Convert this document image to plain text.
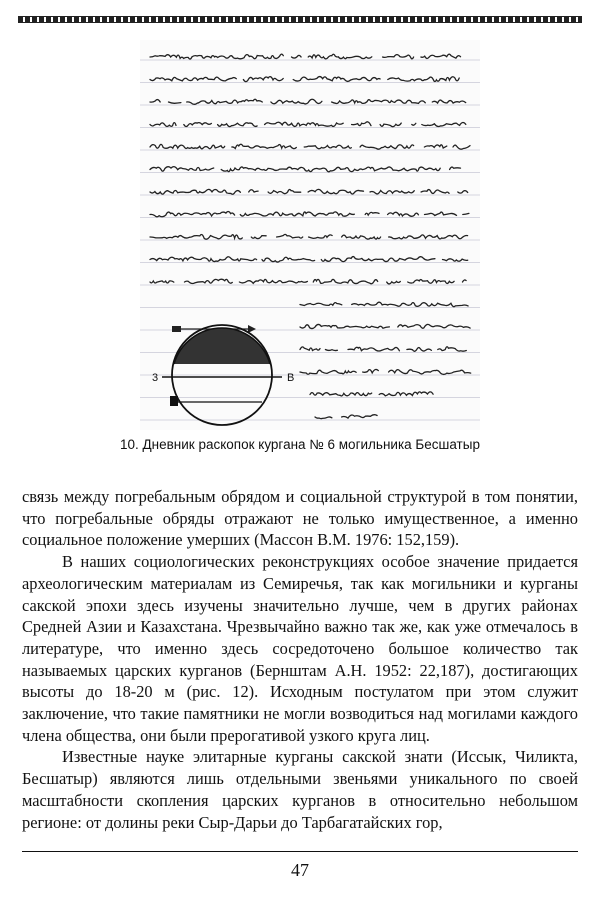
3	B
10. Дневник раскопок кургана № 6 могильника Бесшатыр

связь между погребальным обрядом и социальной структурой в том понятии, что погребальные обряды отражают не только имущественное, а именно социальное положение умерших (Массон В.М. 1976: 152,159).

В наших социологических реконструкциях особое значение придается археологическим материалам из Семиречья, так как могильники и курганы сакской эпохи здесь изучены значительно лучше, чем в других районах Средней Азии и Казахстана. Чрезвычайно важно так же, как уже отмечалось в литературе, что именно здесь сосредоточено большое количество так называемых царских курганов (Бернштам А.Н. 1952: 22,187), достигающих высоты до 18-20 м (рис. 12). Исходным постулатом при этом служит заключение, что такие памятники не могли возводиться над могилами каждого члена общества, они были прерогативой узкого круга лиц.

Известные науке элитарные курганы сакской знати (Иссык, Чиликта, Бесшатыр) являются лишь отдельными звеньями уникального по своей масштабности скопления царских курганов в относительно небольшом регионе: от долины реки Сыр-Дарьи до Тарбагатайских гор,

47
